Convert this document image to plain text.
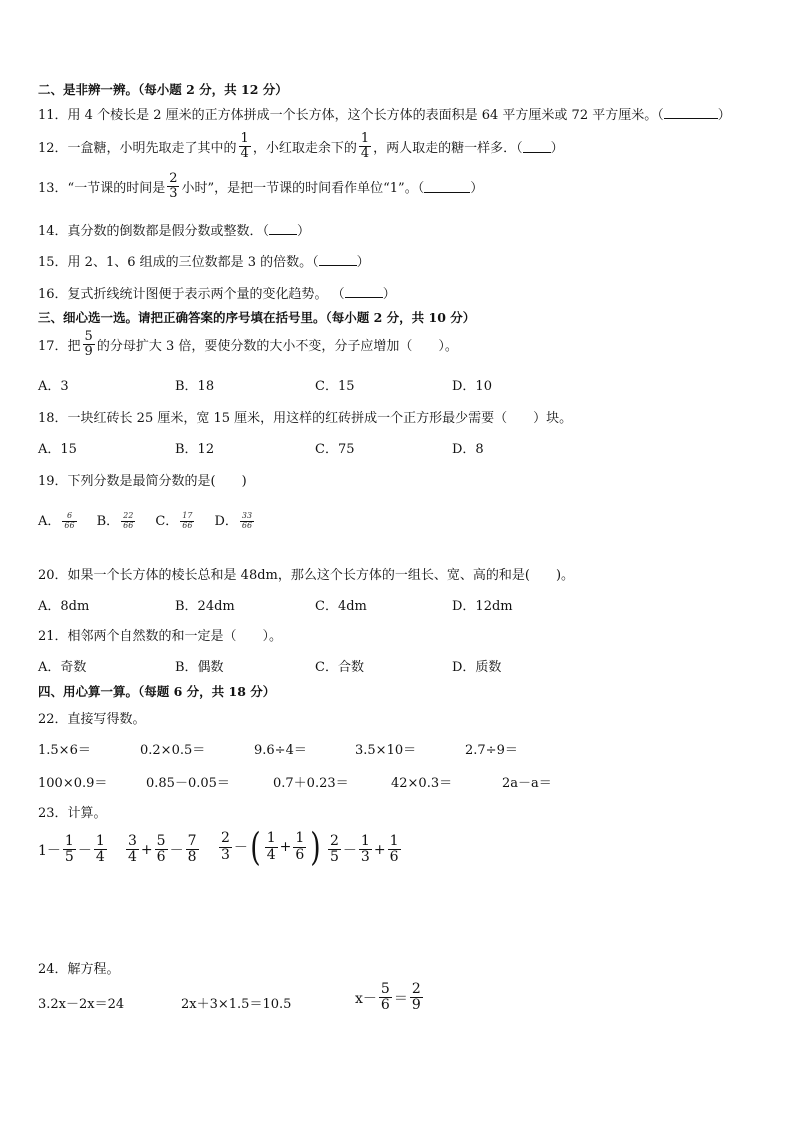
二、是非辨一辨。（每小题 2 分，共 12 分）
11．用 4 个棱长是 2 厘米的正方体拼成一个长方体，这个长方体的表面积是 64 平方厘米或 72 平方厘米。（	）
12．一盒糖，小明先取走了其中的 $\frac{1}{4}$ ，小红取走余下的 $\frac{1}{4}$ ，两人取走的糖一样多．（ ）
13．“一节课的时间是 $\frac{2}{3}$ 小时”，是把一节课的时间看作单位“1”。（	）
14．真分数的倒数都是假分数或整数．（ ）
15．用 2、1、6 组成的三位数都是 3 的倍数。（	）
16．复式折线统计图便于表示两个量的变化趋势。 （	）
三、细心选一选。请把正确答案的序号填在括号里。（每小题 2 分，共 10 分）
17．把 $\frac{5}{9}$ 的分母扩大 3 倍，要使分数的大小不变，分子应增加（　　）。
A．3	B．18	C．15	D．10
18．一块红砖长 25 厘米，宽 15 厘米，用这样的红砖拼成一个正方形最少需要（　　）块。
A．15	B．12	C．75	D．8
19．下列分数是最简分数的是(　　)
A． $\frac{6}{66}$ B． $\frac{22}{66}$ C． $\frac{17}{66}$ D． $\frac{33}{66}$
20．如果一个长方体的棱长总和是 48dm，那么这个长方体的一组长、宽、高的和是(　　)。
A．8dm	B．24dm	C．4dm	D．12dm
21．相邻两个自然数的和一定是（　　）。
A．奇数	B．偶数	C．合数	D．质数
四、用心算一算。（每题 6 分，共 18 分）
22．直接写得数。
1.5×6＝	0.2×0.5＝	9.6÷4＝	3.5×10＝	2.7÷9＝
100×0.9＝	0.85－0.05＝	0.7＋0.23＝	42×0.3＝	2a－a＝
23．计算。
$1- \frac{1}{5} - \frac{1}{4} \frac{3}{4} + \frac{5}{6} - \frac{7}{8} \frac{2}{3}$ － ( $\frac{1}{4} + \frac{1}{6}$ ) $\frac{2}{5} - \frac{1}{3} + \frac{1}{6}$
24．解方程。
3.2x－2x＝24	2x＋3×1.5＝10.5	$x- \frac{5}{6} = \frac{2}{9}$
